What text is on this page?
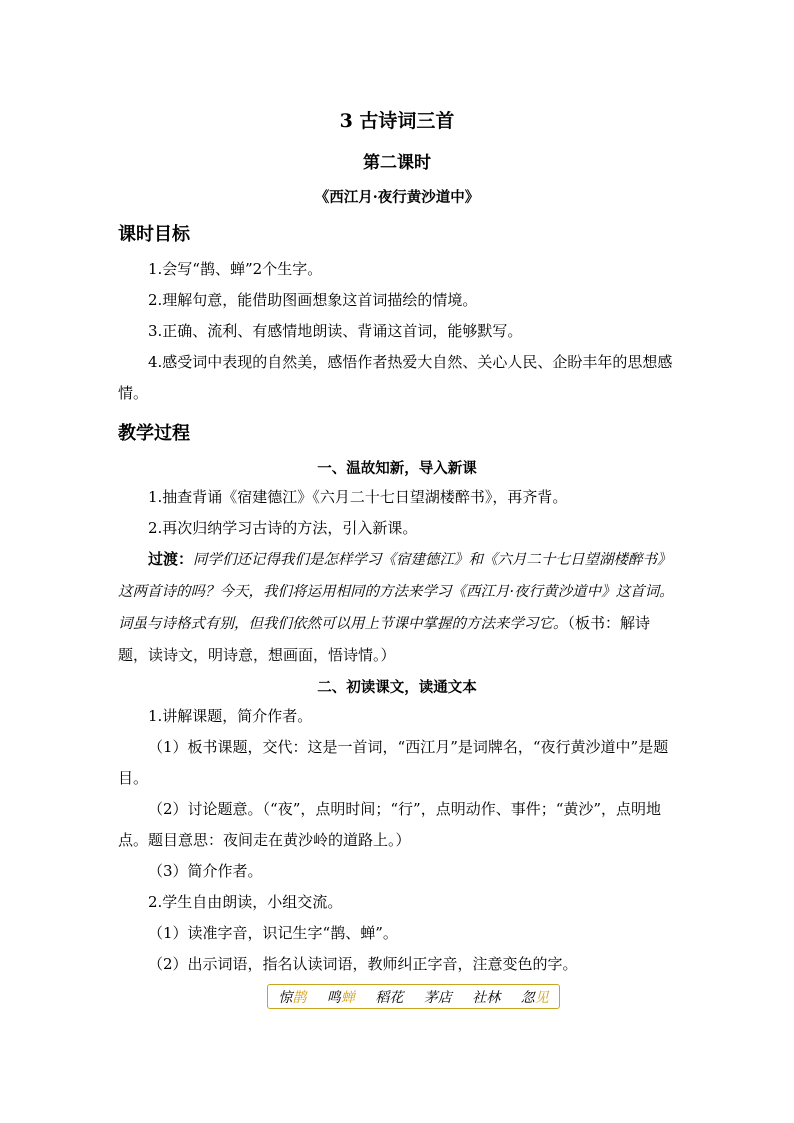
3 古诗词三首
第二课时
《西江月·夜行黄沙道中》
课时目标
1.会写“鹊、蝉”2个生字。
2.理解句意，能借助图画想象这首词描绘的情境。
3.正确、流利、有感情地朗读、背诵这首词，能够默写。
4.感受词中表现的自然美，感悟作者热爱大自然、关心人民、企盼丰年的思想感情。
教学过程
一、温故知新，导入新课
1.抽查背诵《宿建德江》《六月二十七日望湖楼醉书》，再齐背。
2.再次归纳学习古诗的方法，引入新课。
过渡：同学们还记得我们是怎样学习《宿建德江》和《六月二十七日望湖楼醉书》这两首诗的吗？今天，我们将运用相同的方法来学习《西江月·夜行黄沙道中》这首词。词虽与诗格式有别，但我们依然可以用上节课中掌握的方法来学习它。（板书：解诗题，读诗文，明诗意，想画面，悟诗情。）
二、初读课文，读通文本
1.讲解课题，简介作者。
（1）板书课题，交代：这是一首词，“西江月”是词牌名，“夜行黄沙道中”是题目。
（2）讨论题意。（“夜”，点明时间；“行”，点明动作、事件；“黄沙”，点明地点。题目意思：夜间走在黄沙岭的道路上。）
（3）简介作者。
2.学生自由朗读，小组交流。
（1）读准字音，识记生字“鹊、蝉”。
（2）出示词语，指名认读词语，教师纠正字音，注意变色的字。
惊鹊 鸣蝉 稻花 茅店 社林 忽见
